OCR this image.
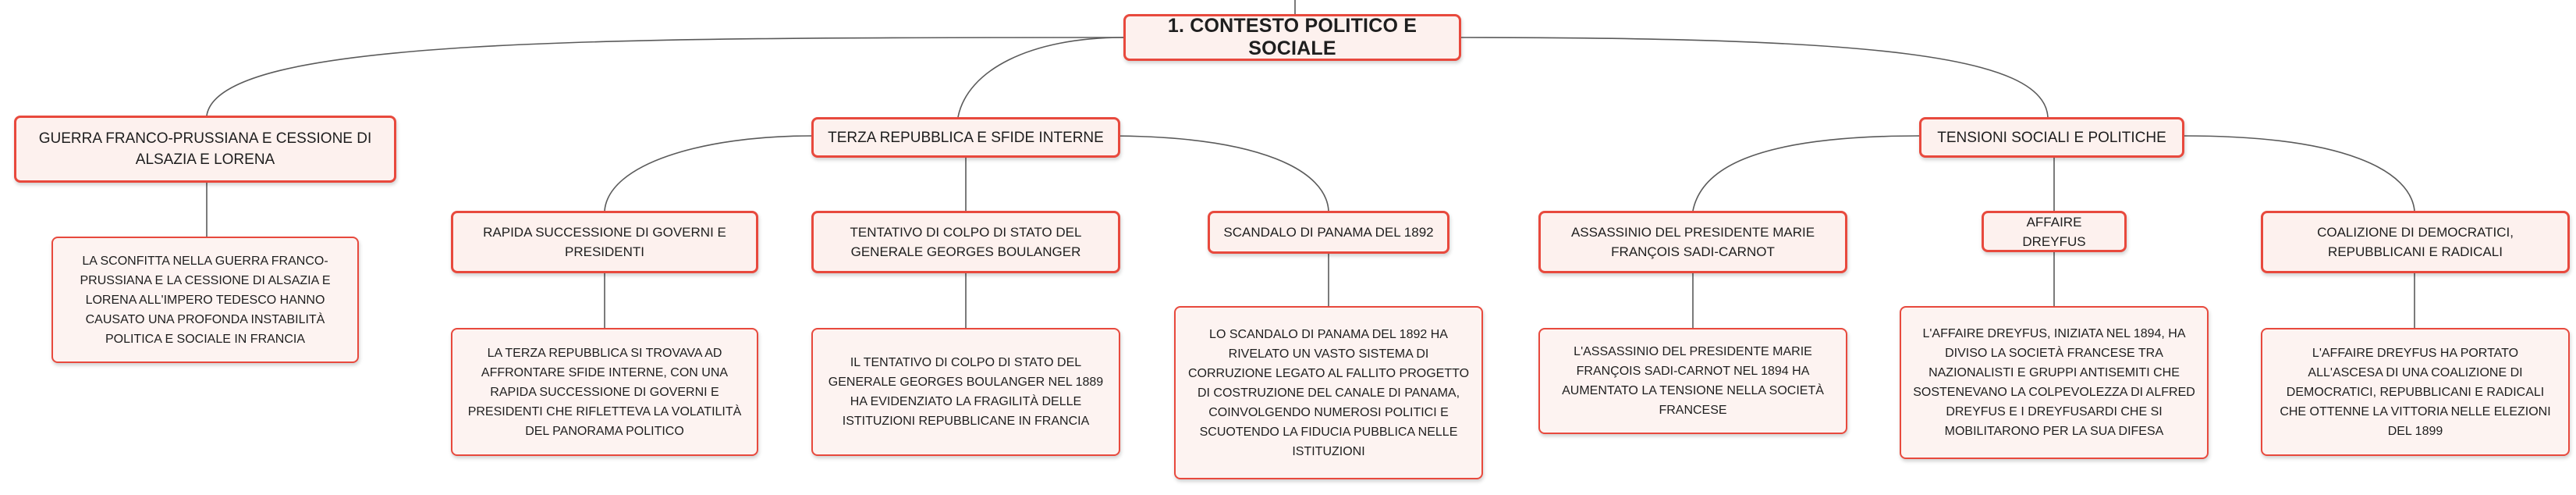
1. CONTESTO POLITICO E SOCIALE
GUERRA FRANCO-PRUSSIANA E CESSIONE DI ALSAZIA E LORENA
TERZA REPUBBLICA E SFIDE INTERNE	TENSIONI SOCIALI E POLITICHE
LA SCONFITTA NELLA GUERRA FRANCO-PRUSSIANA E LA CESSIONE DI ALSAZIA E LORENA ALL'IMPERO TEDESCO HANNO CAUSATO UNA PROFONDA INSTABILITÀ POLITICA E SOCIALE IN FRANCIA
RAPIDA SUCCESSIONE DI GOVERNI E PRESIDENTI
TENTATIVO DI COLPO DI STATO DEL GENERALE GEORGES BOULANGER
SCANDALO DI PANAMA DEL 1892	ASSASSINIO DEL PRESIDENTE MARIE FRANÇOIS SADI-CARNOT
AFFAIRE DREYFUS
COALIZIONE DI DEMOCRATICI, REPUBBLICANI E RADICALI
LA TERZA REPUBBLICA SI TROVAVA AD AFFRONTARE SFIDE INTERNE, CON UNA RAPIDA SUCCESSIONE DI GOVERNI E PRESIDENTI CHE RIFLETTEVA LA VOLATILITÀ DEL PANORAMA POLITICO
IL TENTATIVO DI COLPO DI STATO DEL GENERALE GEORGES BOULANGER NEL 1889 HA EVIDENZIATO LA FRAGILITÀ DELLE ISTITUZIONI REPUBBLICANE IN FRANCIA
LO SCANDALO DI PANAMA DEL 1892 HA RIVELATO UN VASTO SISTEMA DI CORRUZIONE LEGATO AL FALLITO PROGETTO DI COSTRUZIONE DEL CANALE DI PANAMA, COINVOLGENDO NUMEROSI POLITICI E SCUOTENDO LA FIDUCIA PUBBLICA NELLE ISTITUZIONI
L'ASSASSINIO DEL PRESIDENTE MARIE FRANÇOIS SADI-CARNOT NEL 1894 HA AUMENTATO LA TENSIONE NELLA SOCIETÀ FRANCESE
L'AFFAIRE DREYFUS, INIZIATA NEL 1894, HA DIVISO LA SOCIETÀ FRANCESE TRA NAZIONALISTI E GRUPPI ANTISEMITI CHE SOSTENEVANO LA COLPEVOLEZZA DI ALFRED DREYFUS E I DREYFUSARDI CHE SI MOBILITARONO PER LA SUA DIFESA
L'AFFAIRE DREYFUS HA PORTATO ALL'ASCESA DI UNA COALIZIONE DI DEMOCRATICI, REPUBBLICANI E RADICALI CHE OTTENNE LA VITTORIA NELLE ELEZIONI DEL 1899
